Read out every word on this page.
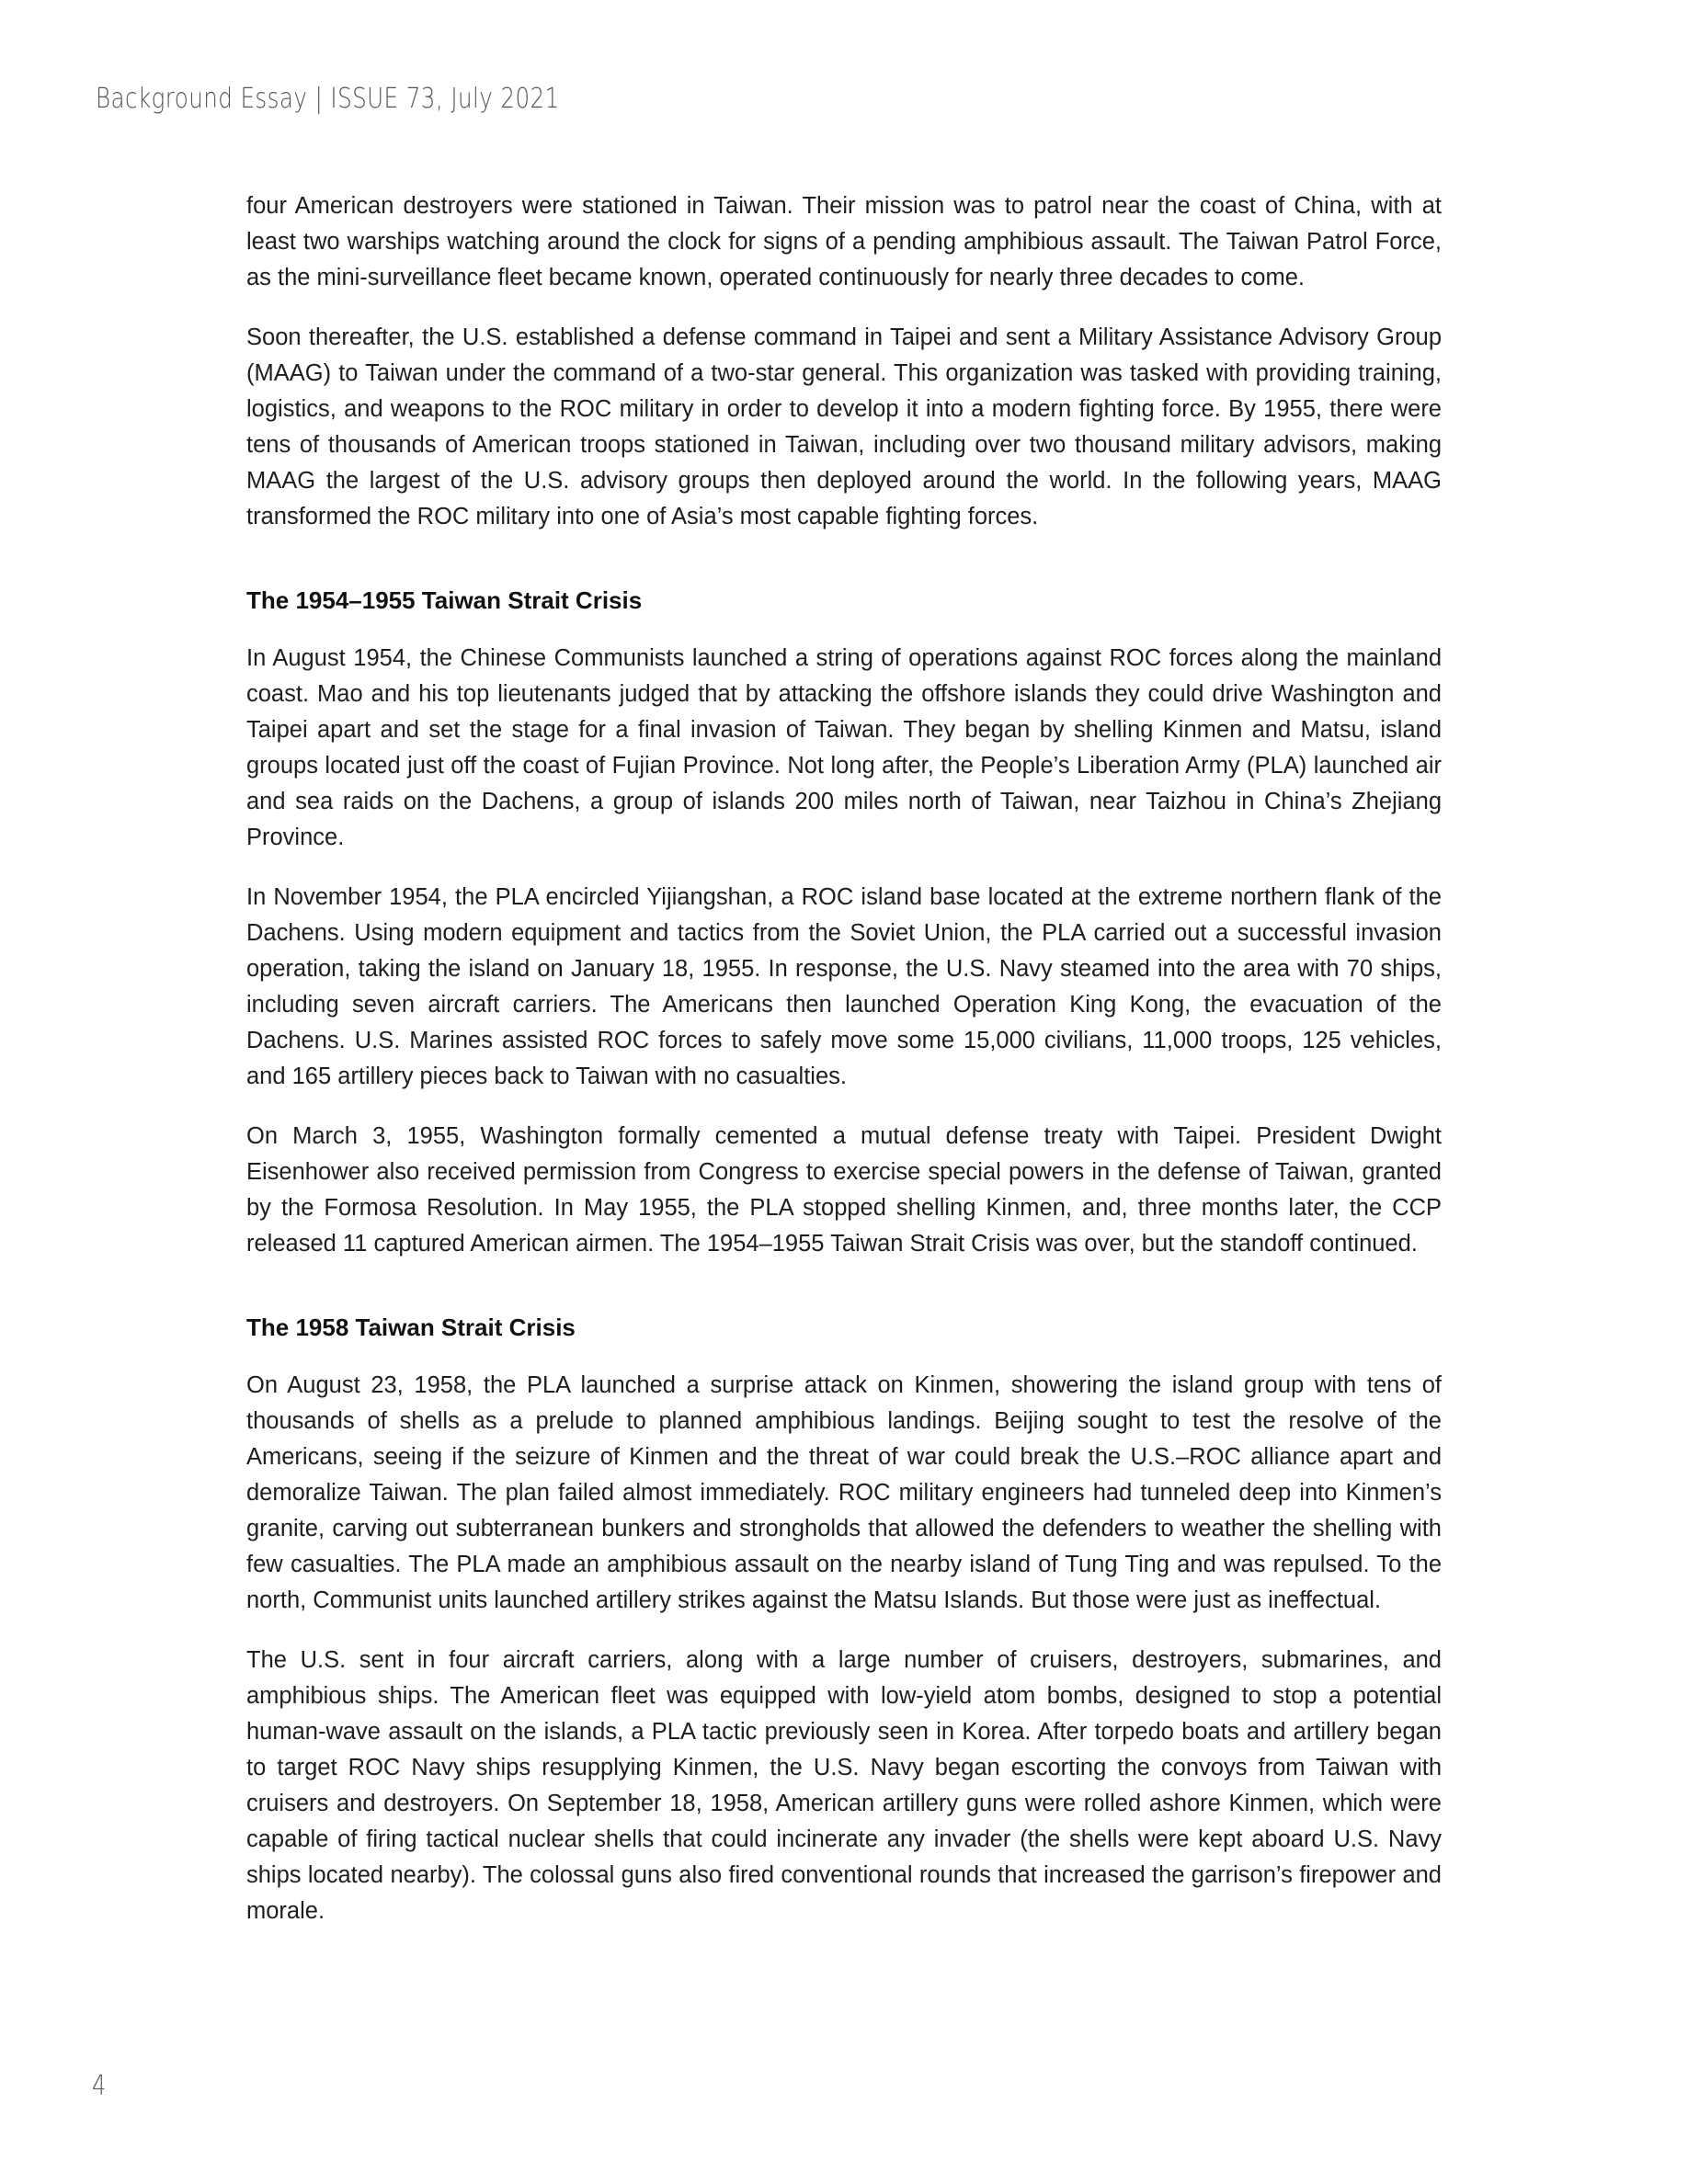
Background Essay | ISSUE 73, July 2021

four American destroyers were stationed in Taiwan. Their mission was to patrol near the coast of China, with at least two warships watching around the clock for signs of a pending amphibious assault. The Taiwan Patrol Force, as the mini-surveillance fleet became known, operated continuously for nearly three decades to come.

Soon thereafter, the U.S. established a defense command in Taipei and sent a Military Assistance Advisory Group (MAAG) to Taiwan under the command of a two-star general. This organization was tasked with providing training, logistics, and weapons to the ROC military in order to develop it into a modern fighting force. By 1955, there were tens of thousands of American troops stationed in Taiwan, including over two thousand military advisors, making MAAG the largest of the U.S. advisory groups then deployed around the world. In the following years, MAAG transformed the ROC military into one of Asia’s most capable fighting forces.

The 1954–1955 Taiwan Strait Crisis

In August 1954, the Chinese Communists launched a string of operations against ROC forces along the mainland coast. Mao and his top lieutenants judged that by attacking the offshore islands they could drive Washington and Taipei apart and set the stage for a final invasion of Taiwan. They began by shelling Kinmen and Matsu, island groups located just off the coast of Fujian Province. Not long after, the People’s Liberation Army (PLA) launched air and sea raids on the Dachens, a group of islands 200 miles north of Taiwan, near Taizhou in China’s Zhejiang Province.

In November 1954, the PLA encircled Yijiangshan, a ROC island base located at the extreme northern flank of the Dachens. Using modern equipment and tactics from the Soviet Union, the PLA carried out a successful invasion operation, taking the island on January 18, 1955. In response, the U.S. Navy steamed into the area with 70 ships, including seven aircraft carriers. The Americans then launched Operation King Kong, the evacuation of the Dachens. U.S. Marines assisted ROC forces to safely move some 15,000 civilians, 11,000 troops, 125 vehicles, and 165 artillery pieces back to Taiwan with no casualties.

On March 3, 1955, Washington formally cemented a mutual defense treaty with Taipei. President Dwight Eisenhower also received permission from Congress to exercise special powers in the defense of Taiwan, granted by the Formosa Resolution. In May 1955, the PLA stopped shelling Kinmen, and, three months later, the CCP released 11 captured American airmen. The 1954–1955 Taiwan Strait Crisis was over, but the standoff continued.

The 1958 Taiwan Strait Crisis

On August 23, 1958, the PLA launched a surprise attack on Kinmen, showering the island group with tens of thousands of shells as a prelude to planned amphibious landings. Beijing sought to test the resolve of the Americans, seeing if the seizure of Kinmen and the threat of war could break the U.S.–ROC alliance apart and demoralize Taiwan. The plan failed almost immediately. ROC military engineers had tunneled deep into Kinmen’s granite, carving out subterranean bunkers and strongholds that allowed the defenders to weather the shelling with few casualties. The PLA made an amphibious assault on the nearby island of Tung Ting and was repulsed. To the north, Communist units launched artillery strikes against the Matsu Islands. But those were just as ineffectual.

The U.S. sent in four aircraft carriers, along with a large number of cruisers, destroyers, submarines, and amphibious ships. The American fleet was equipped with low-yield atom bombs, designed to stop a potential human-wave assault on the islands, a PLA tactic previously seen in Korea. After torpedo boats and artillery began to target ROC Navy ships resupplying Kinmen, the U.S. Navy began escorting the convoys from Taiwan with cruisers and destroyers. On September 18, 1958, American artillery guns were rolled ashore Kinmen, which were capable of firing tactical nuclear shells that could incinerate any invader (the shells were kept aboard U.S. Navy ships located nearby). The colossal guns also fired conventional rounds that increased the garrison’s firepower and morale.

4
